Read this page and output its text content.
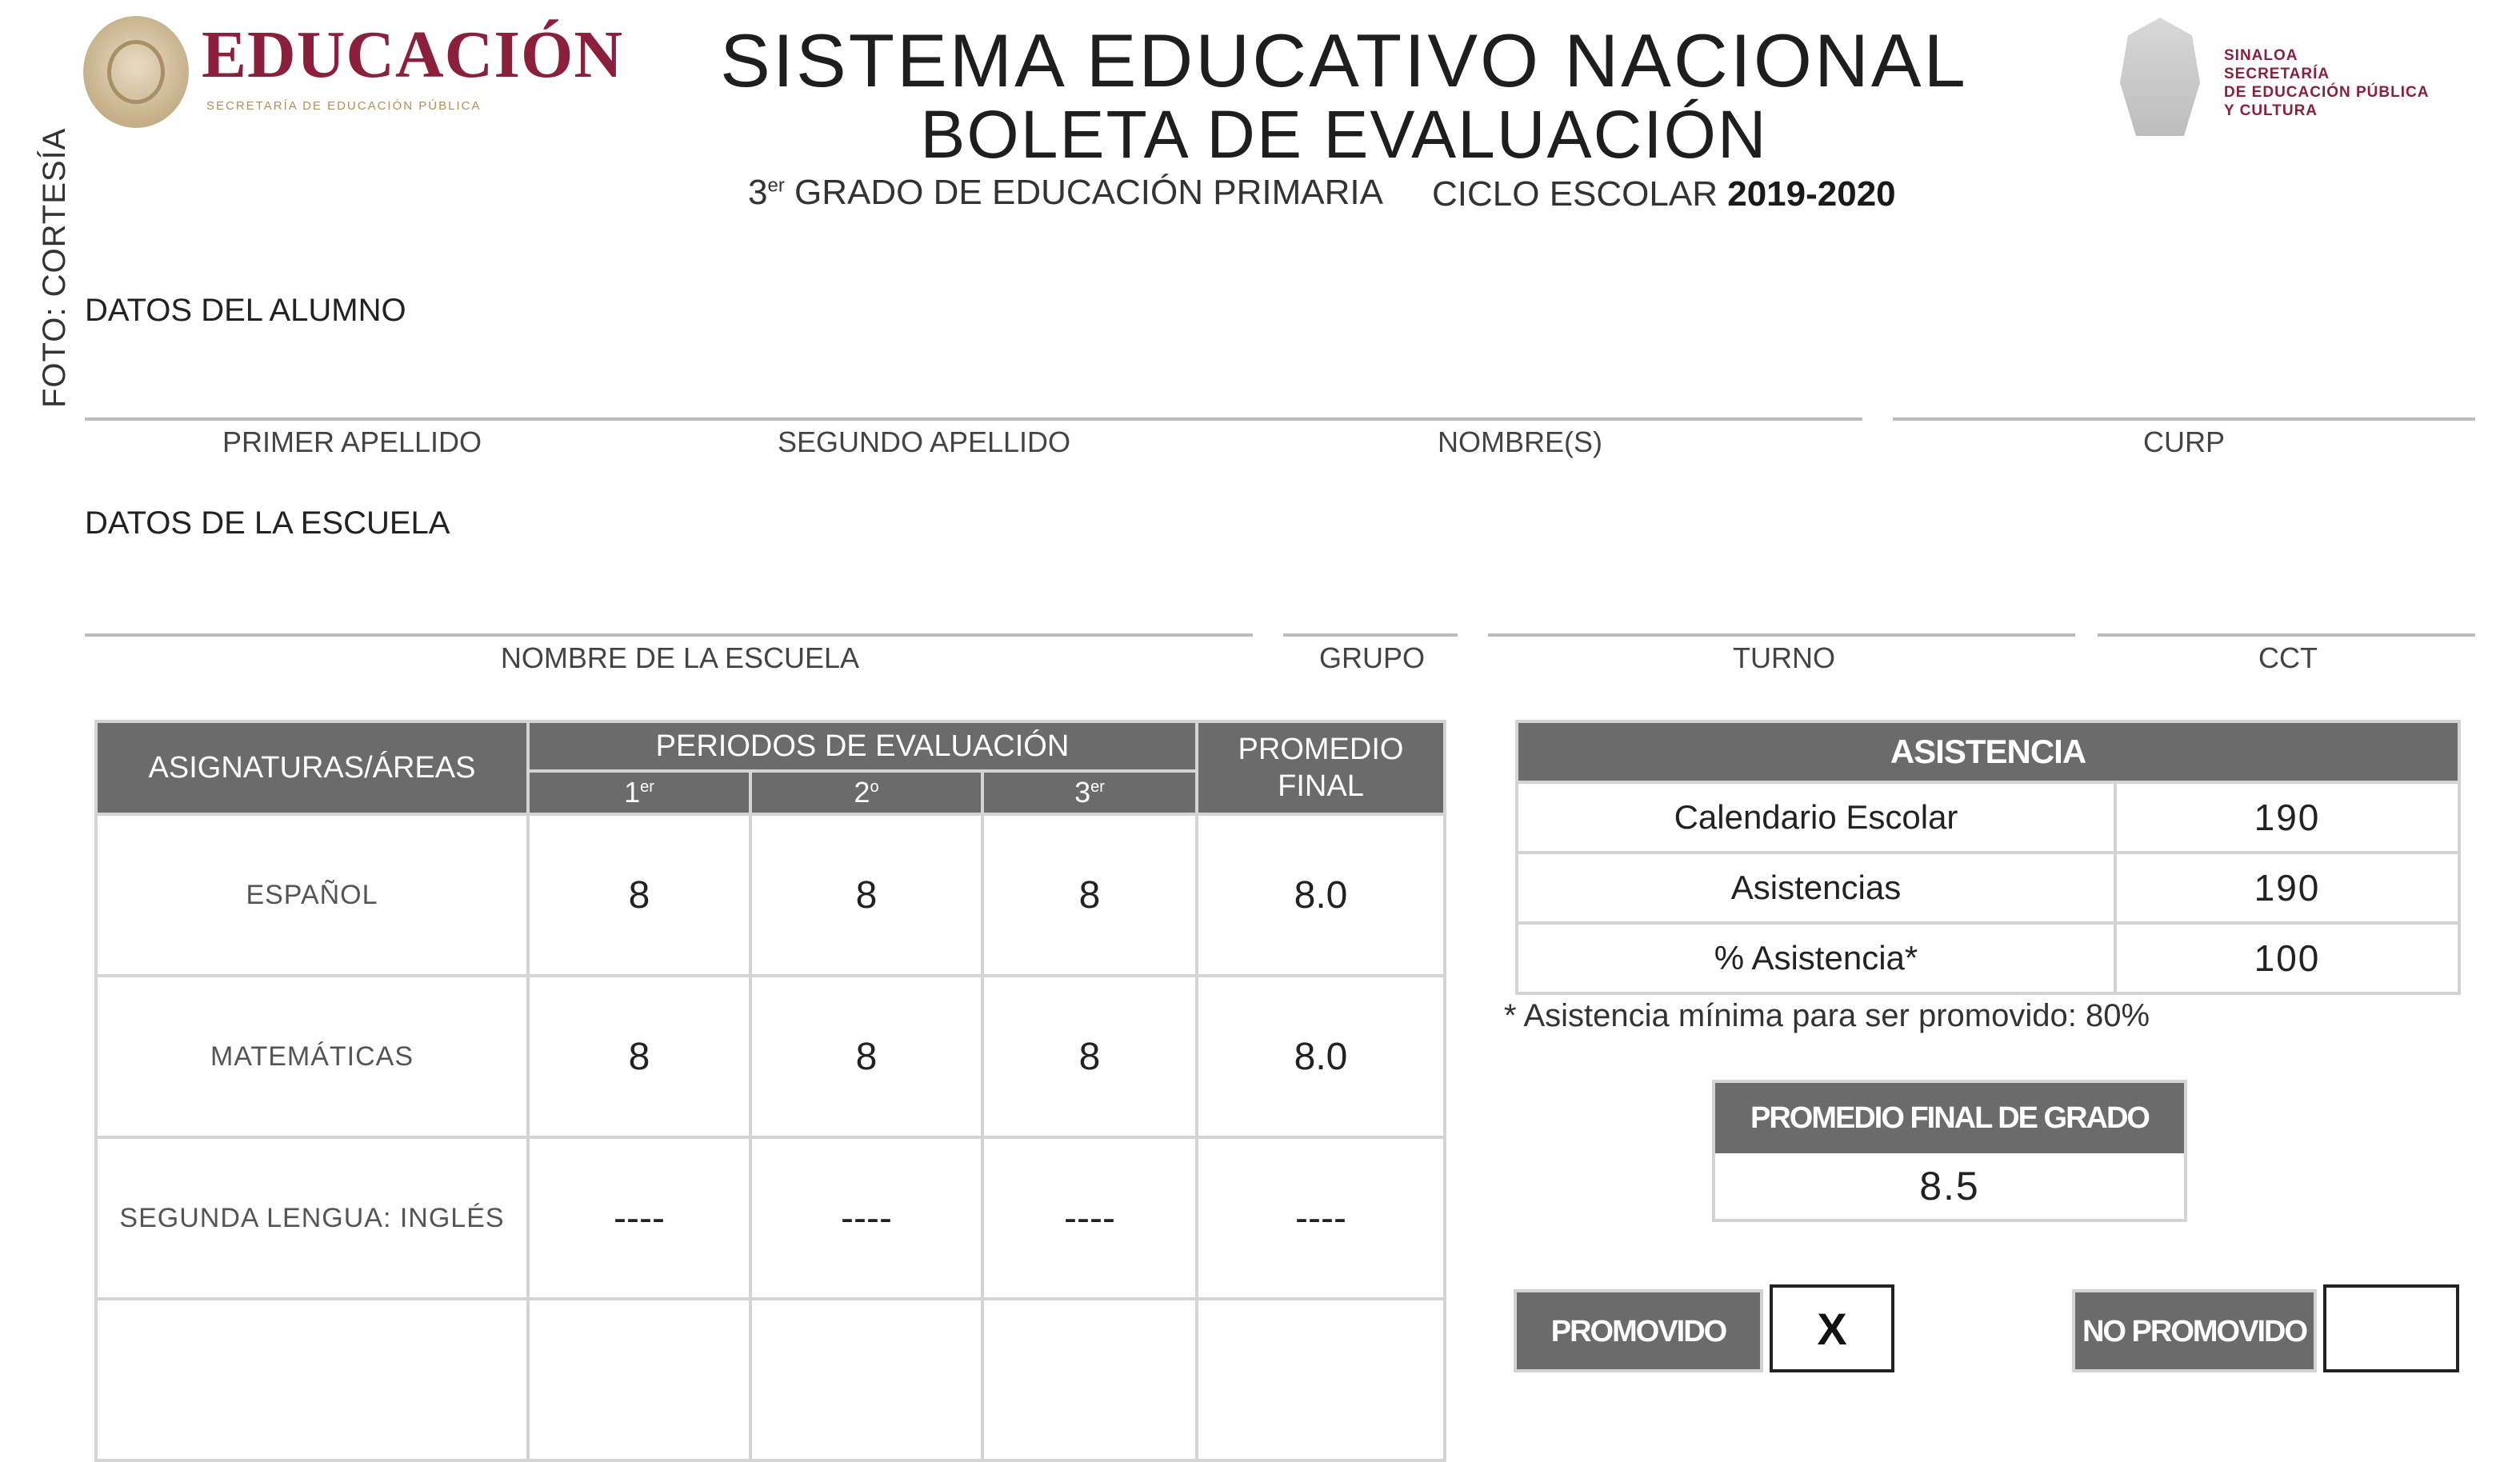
FOTO: CORTESÍA
EDUCACIÓN
SECRETARÍA DE EDUCACIÓN PÚBLICA
SISTEMA EDUCATIVO NACIONAL
BOLETA DE EVALUACIÓN
3er GRADO DE EDUCACIÓN PRIMARIA CICLO ESCOLAR 2019-2020
SINALOA
SECRETARÍA
DE EDUCACIÓN PÚBLICA
Y CULTURA
DATOS DEL ALUMNO
PRIMER APELLIDO	SEGUNDO APELLIDO	NOMBRE(S)	CURP
DATOS DE LA ESCUELA
NOMBRE DE LA ESCUELA	GRUPO	TURNO	CCT
ASIGNATURAS/ÁREAS	PERIODOS DE EVALUACIÓN			PROMEDIO
FINAL
	1er	2$^o$	3er
ESPAÑOL	8	8	8	8.0
MATEMÁTICAS	8	8	8	8.0
SEGUNDA LENGUA: INGLÉS	----	----	----	----

ASISTENCIA	
Calendario Escolar	190
Asistencias	190
% Asistencia*	100
* Asistencia mínima para ser promovido: 80%
PROMEDIO FINAL DE GRADO
8.5
PROMOVIDO	X	NO PROMOVIDO
